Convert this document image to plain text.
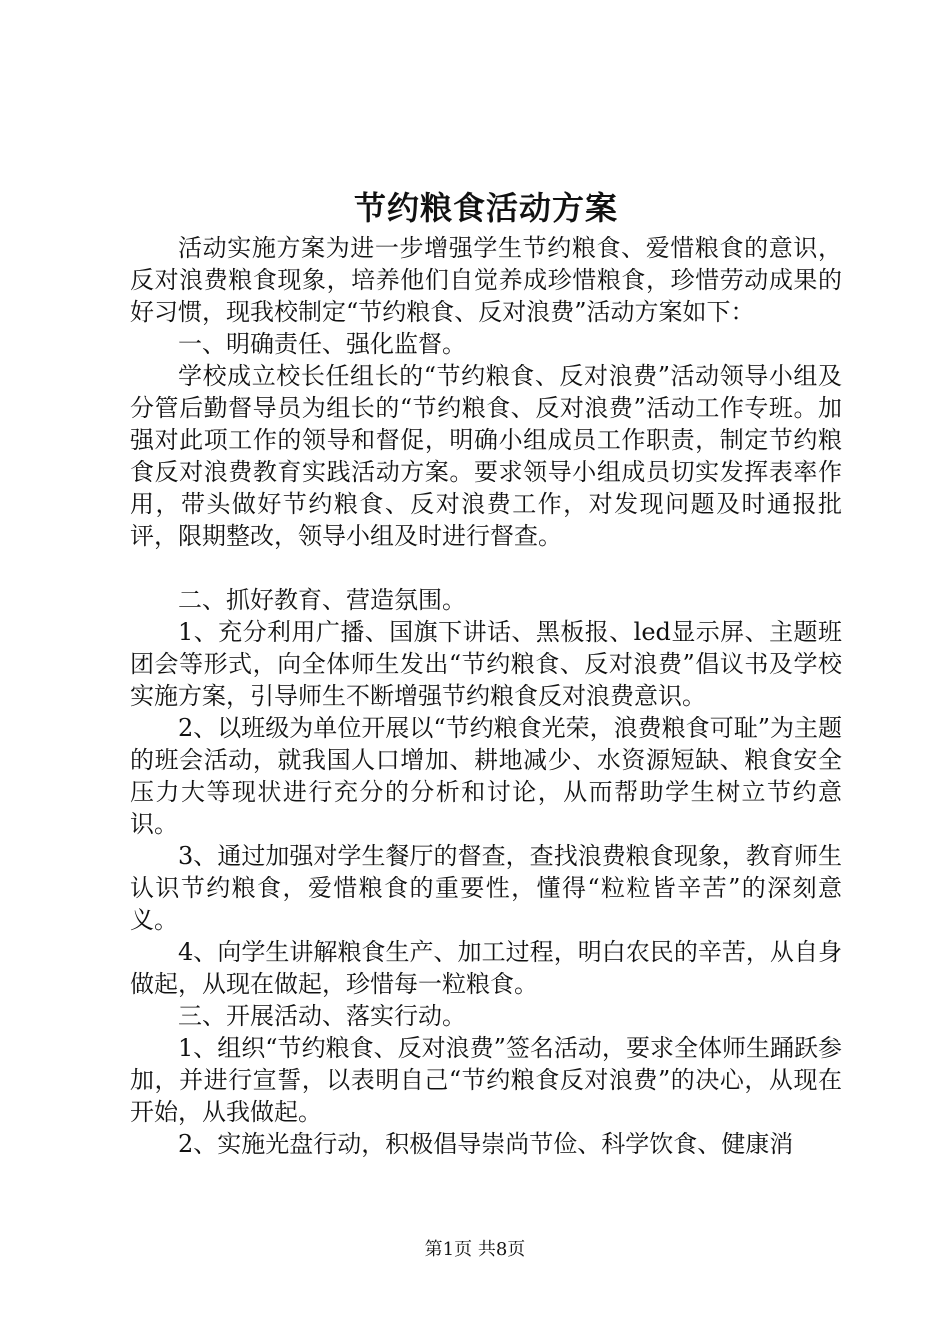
节约粮食活动方案

活动实施方案为进一步增强学生节约粮食、爱惜粮食的意识，反对浪费粮食现象，培养他们自觉养成珍惜粮食，珍惜劳动成果的好习惯，现我校制定“节约粮食、反对浪费”活动方案如下：

一、明确责任、强化监督。

学校成立校长任组长的“节约粮食、反对浪费”活动领导小组及分管后勤督导员为组长的“节约粮食、反对浪费”活动工作专班。加强对此项工作的领导和督促，明确小组成员工作职责，制定节约粮食反对浪费教育实践活动方案。要求领导小组成员切实发挥表率作用，带头做好节约粮食、反对浪费工作，对发现问题及时通报批评，限期整改，领导小组及时进行督查。

二、抓好教育、营造氛围。

1、充分利用广播、国旗下讲话、黑板报、led显示屏、主题班团会等形式，向全体师生发出“节约粮食、反对浪费”倡议书及学校实施方案，引导师生不断增强节约粮食反对浪费意识。

2、以班级为单位开展以“节约粮食光荣，浪费粮食可耻”为主题的班会活动，就我国人口增加、耕地减少、水资源短缺、粮食安全压力大等现状进行充分的分析和讨论，从而帮助学生树立节约意识。

3、通过加强对学生餐厅的督查，查找浪费粮食现象，教育师生认识节约粮食，爱惜粮食的重要性，懂得“粒粒皆辛苦”的深刻意义。

4、向学生讲解粮食生产、加工过程，明白农民的辛苦，从自身做起，从现在做起，珍惜每一粒粮食。

三、开展活动、落实行动。

1、组织“节约粮食、反对浪费”签名活动，要求全体师生踊跃参加，并进行宣誓，以表明自己“节约粮食反对浪费”的决心，从现在开始，从我做起。

2、实施光盘行动，积极倡导崇尚节俭、科学饮食、健康消

第1页 共8页
